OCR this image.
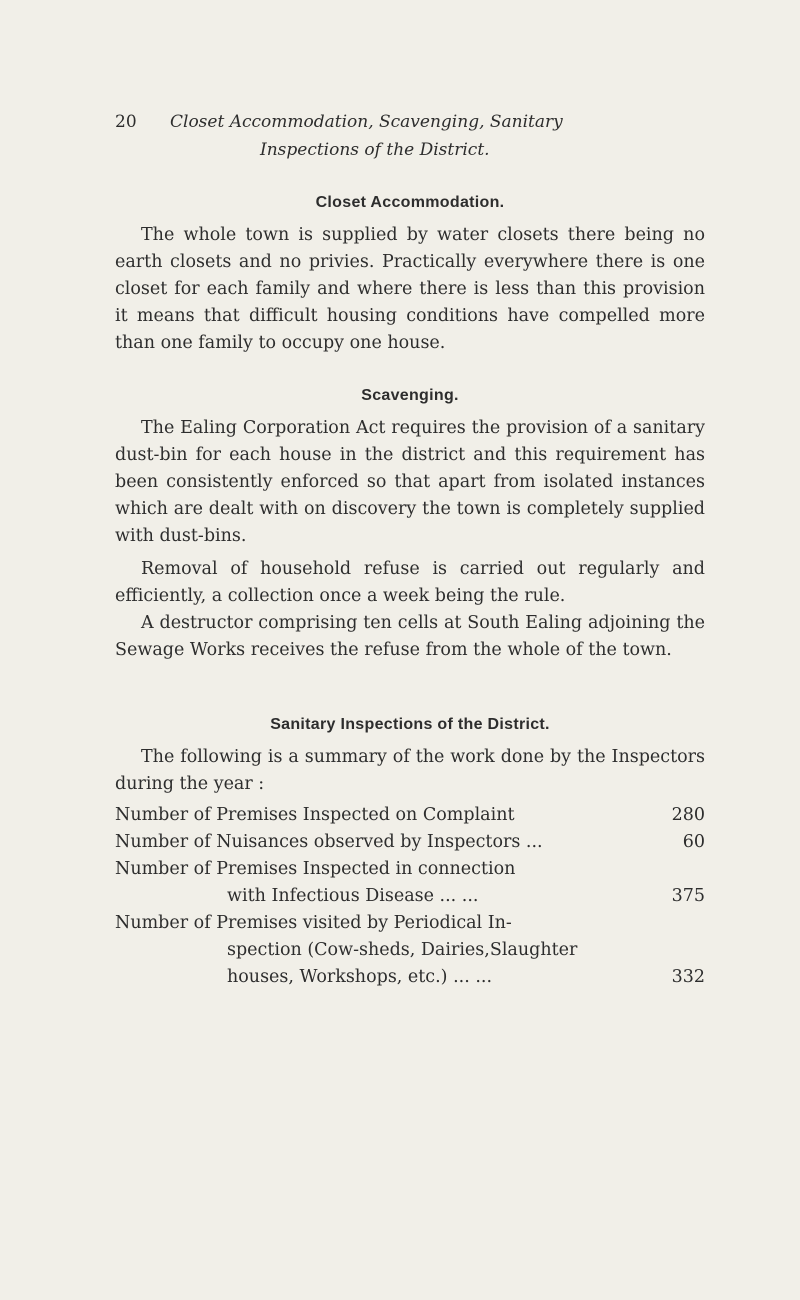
20 Closet Accommodation, Scavenging, Sanitary
Inspections of the District.
Closet Accommodation.

The whole town is supplied by water closets there being no earth closets and no privies. Practically everywhere there is one closet for each family and where there is less than this provision it means that difficult housing conditions have compelled more than one family to occupy one house.

Scavenging.

The Ealing Corporation Act requires the provision of a sanitary dust-bin for each house in the district and this requirement has been consistently enforced so that apart from isolated instances which are dealt with on discovery the town is completely supplied with dust-bins.

Removal of household refuse is carried out regularly and efficiently, a collection once a week being the rule.

A destructor comprising ten cells at South Ealing adjoining the Sewage Works receives the refuse from the whole of the town.

Sanitary Inspections of the District.

The following is a summary of the work done by the Inspectors during the year :

Number of Premises Inspected on Complaint	280
Number of Nuisances observed by Inspectors ...	60
Number of Premises Inspected in connection
with Infectious Disease ... ...	375
Number of Premises visited by Periodical In-
spection (Cow-sheds, Dairies,Slaughter
houses, Workshops, etc.) ... ...	332
